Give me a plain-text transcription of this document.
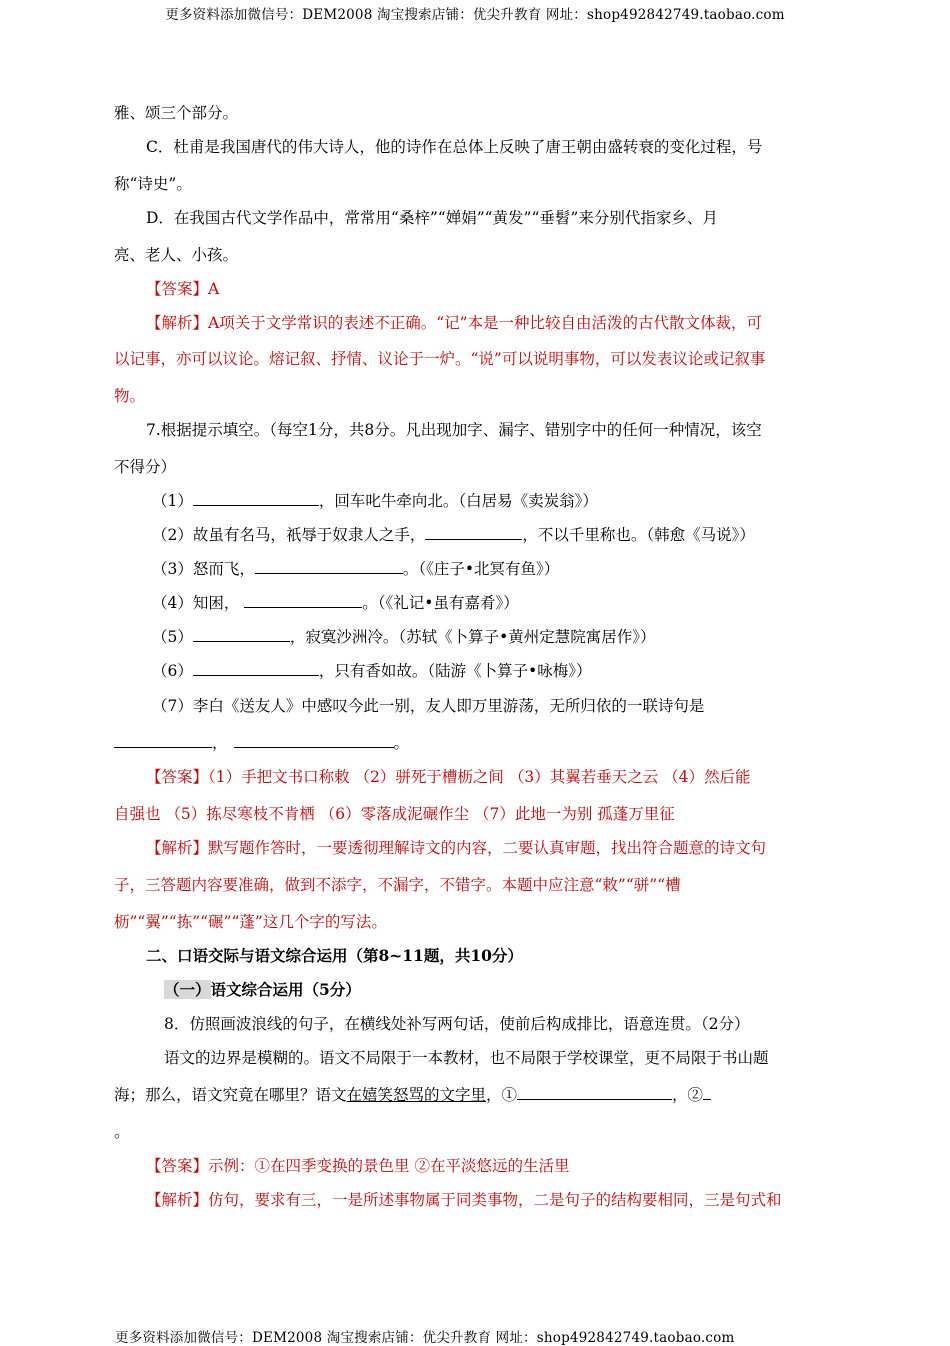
更多资料添加微信号：DEM2008 淘宝搜索店铺：优尖升教育 网址：shop492842749.taobao.com
雅、颂三个部分。
C．杜甫是我国唐代的伟大诗人，他的诗作在总体上反映了唐王朝由盛转衰的变化过程，号
称“诗史”。
D．在我国古代文学作品中，常常用“桑梓”“婵娟”“黄发”“垂髫”来分别代指家乡、月
亮、老人、小孩。
【答案】A
【解析】A项关于文学常识的表述不正确。“记”本是一种比较自由活泼的古代散文体裁，可
以记事，亦可以议论。熔记叙、抒情、议论于一炉。“说”可以说明事物，可以发表议论或记叙事
物。
7.根据提示填空。（每空1分，共8分。凡出现加字、漏字、错别字中的任何一种情况，该空
不得分）
（1）	，回车叱牛牵向北。（白居易《卖炭翁》）
（2）故虽有名马，祇辱于奴隶人之手，	，不以千里称也。（韩愈《马说》）
（3）怒而飞，	。（《庄子•北冥有鱼》）
（4）知困，	。（《礼记•虽有嘉肴》）
（5）	，寂寞沙洲冷。（苏轼《卜算子•黄州定慧院寓居作》）
（6）	，只有香如故。（陆游《卜算子•咏梅》）
（7）李白《送友人》中感叹今此一别，友人即万里游荡，无所归依的一联诗句是
，	。
【答案】（1）手把文书口称敕 （2）骈死于槽枥之间 （3）其翼若垂天之云 （4）然后能
自强也 （5）拣尽寒枝不肯栖 （6）零落成泥碾作尘 （7）此地一为别 孤蓬万里征
【解析】默写题作答时，一要透彻理解诗文的内容，二要认真审题，找出符合题意的诗文句
子，三答题内容要准确，做到不添字，不漏字，不错字。本题中应注意“敕”“骈”“槽
枥”“翼”“拣”“碾”“蓬”这几个字的写法。
二、口语交际与语文综合运用（第8~11题，共10分）
（一）语文综合运用（5分）
8．仿照画波浪线的句子，在横线处补写两句话，使前后构成排比，语意连贯。（2分）
语文的边界是模糊的。语文不局限于一本教材，也不局限于学校课堂，更不局限于书山题
海；那么，语文究竟在哪里？语文在嬉笑怒骂的文字里，①	，②
。
【答案】示例：①在四季变换的景色里 ②在平淡悠远的生活里
【解析】仿句，要求有三，一是所述事物属于同类事物，二是句子的结构要相同，三是句式和
更多资料添加微信号：DEM2008 淘宝搜索店铺：优尖升教育 网址：shop492842749.taobao.com
